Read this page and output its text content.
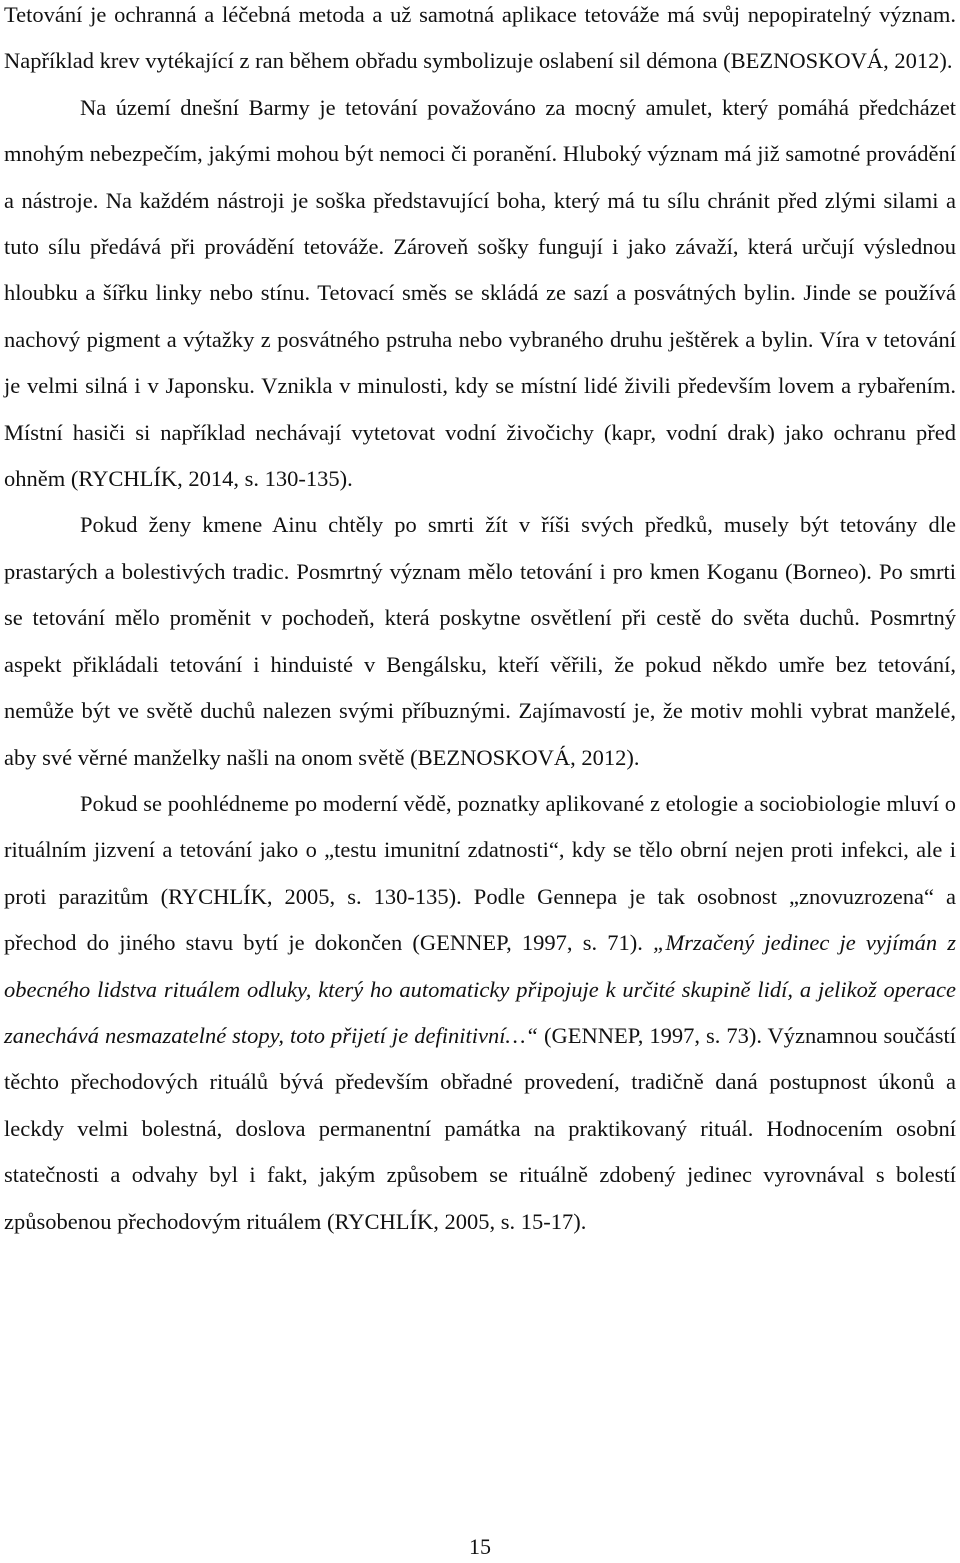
Tetování je ochranná a léčebná metoda a už samotná aplikace tetováže má svůj nepopiratelný význam. Například krev vytékající z ran během obřadu symbolizuje oslabení sil démona (BEZNOSKOVÁ, 2012).

Na území dnešní Barmy je tetování považováno za mocný amulet, který pomáhá předcházet mnohým nebezpečím, jakými mohou být nemoci či poranění. Hluboký význam má již samotné provádění a nástroje. Na každém nástroji je soška představující boha, který má tu sílu chránit před zlými silami a tuto sílu předává při provádění tetováže. Zároveň sošky fungují i jako závaží, která určují výslednou hloubku a šířku linky nebo stínu. Tetovací směs se skládá ze sazí a posvátných bylin. Jinde se používá nachový pigment a výtažky z posvátného pstruha nebo vybraného druhu ještěrek a bylin. Víra v tetování je velmi silná i v Japonsku. Vznikla v minulosti, kdy se místní lidé živili především lovem a rybařením. Místní hasiči si například nechávají vytetovat vodní živočichy (kapr, vodní drak) jako ochranu před ohněm (RYCHLÍK, 2014, s. 130-135).

Pokud ženy kmene Ainu chtěly po smrti žít v říši svých předků, musely být tetovány dle prastarých a bolestivých tradic. Posmrtný význam mělo tetování i pro kmen Koganu (Borneo). Po smrti se tetování mělo proměnit v pochodeň, která poskytne osvětlení při cestě do světa duchů. Posmrtný aspekt přikládali tetování i hinduisté v Bengálsku, kteří věřili, že pokud někdo umře bez tetování, nemůže být ve světě duchů nalezen svými příbuznými. Zajímavostí je, že motiv mohli vybrat manželé, aby své věrné manželky našli na onom světě (BEZNOSKOVÁ, 2012).

Pokud se poohlédneme po moderní vědě, poznatky aplikované z etologie a sociobiologie mluví o rituálním jizvení a tetování jako o „testu imunitní zdatnosti“, kdy se tělo obrní nejen proti infekci, ale i proti parazitům (RYCHLÍK, 2005, s. 130-135). Podle Gennepa je tak osobnost „znovuzrozena“ a přechod do jiného stavu bytí je dokončen (GENNEP, 1997, s. 71). „Mrzačený jedinec je vyjímán z obecného lidstva rituálem odluky, který ho automaticky připojuje k určité skupině lidí, a jelikož operace zanechává nesmazatelné stopy, toto přijetí je definitivní…“ (GENNEP, 1997, s. 73). Významnou součástí těchto přechodových rituálů bývá především obřadné provedení, tradičně daná postupnost úkonů a leckdy velmi bolestná, doslova permanentní památka na praktikovaný rituál. Hodnocením osobní statečnosti a odvahy byl i fakt, jakým způsobem se rituálně zdobený jedinec vyrovnával s bolestí způsobenou přechodovým rituálem (RYCHLÍK, 2005, s. 15-17).

15
